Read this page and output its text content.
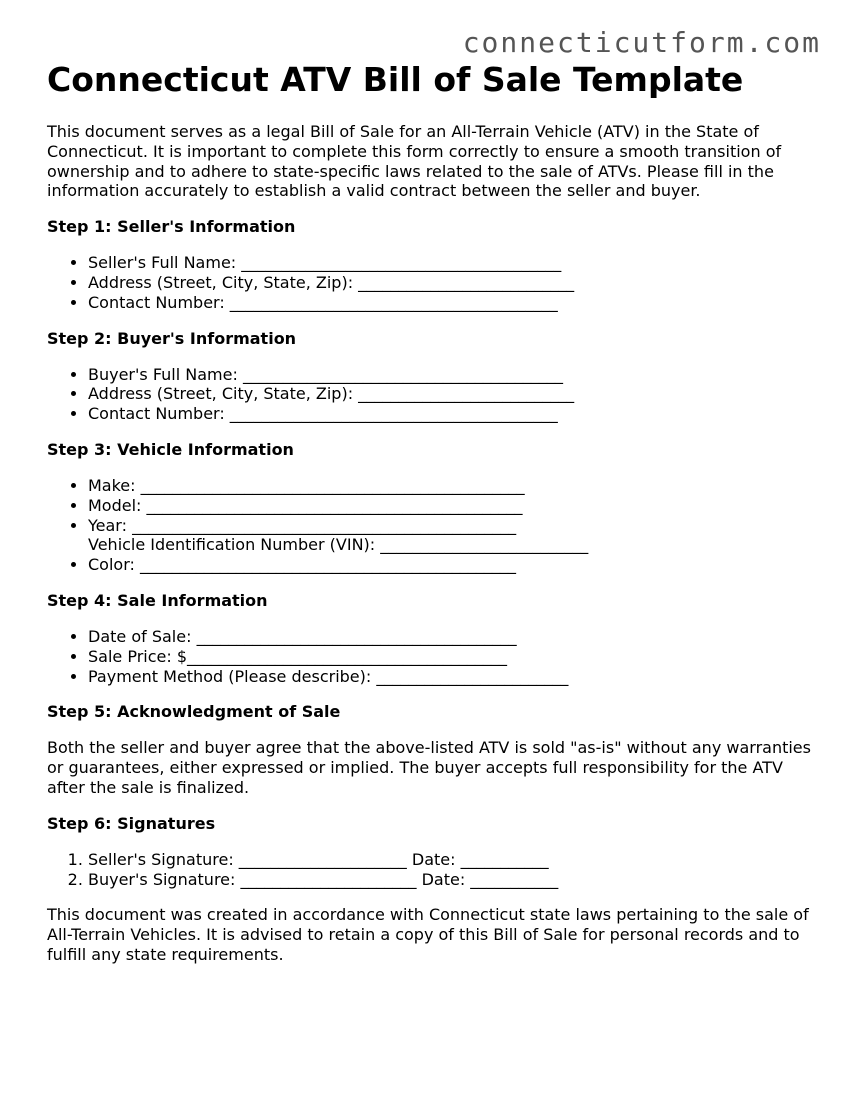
connecticutform.com
Connecticut ATV Bill of Sale Template

This document serves as a legal Bill of Sale for an All-Terrain Vehicle (ATV) in the State of Connecticut. It is important to complete this form correctly to ensure a smooth transition of ownership and to adhere to state-specific laws related to the sale of ATVs. Please fill in the information accurately to establish a valid contract between the seller and buyer.

Step 1: Seller's Information
• Seller's Full Name: ________________________________________
• Address (Street, City, State, Zip): ___________________________
• Contact Number: _________________________________________
Step 2: Buyer's Information
• Buyer's Full Name: ________________________________________
• Address (Street, City, State, Zip): ___________________________
• Contact Number: _________________________________________
Step 3: Vehicle Information
• Make: ________________________________________________
• Model: _______________________________________________
• Year: ________________________________________________
Vehicle Identification Number (VIN): __________________________
• Color: _______________________________________________
Step 4: Sale Information
• Date of Sale: ________________________________________
• Sale Price: $________________________________________
• Payment Method (Please describe): ________________________
Step 5: Acknowledgment of Sale

Both the seller and buyer agree that the above-listed ATV is sold "as-is" without any warranties or guarantees, either expressed or implied. The buyer accepts full responsibility for the ATV after the sale is finalized.

Step 6: Signatures
1. Seller's Signature: _____________________ Date: ___________
2. Buyer's Signature: ______________________ Date: ___________

This document was created in accordance with Connecticut state laws pertaining to the sale of All-Terrain Vehicles. It is advised to retain a copy of this Bill of Sale for personal records and to fulfill any state requirements.
